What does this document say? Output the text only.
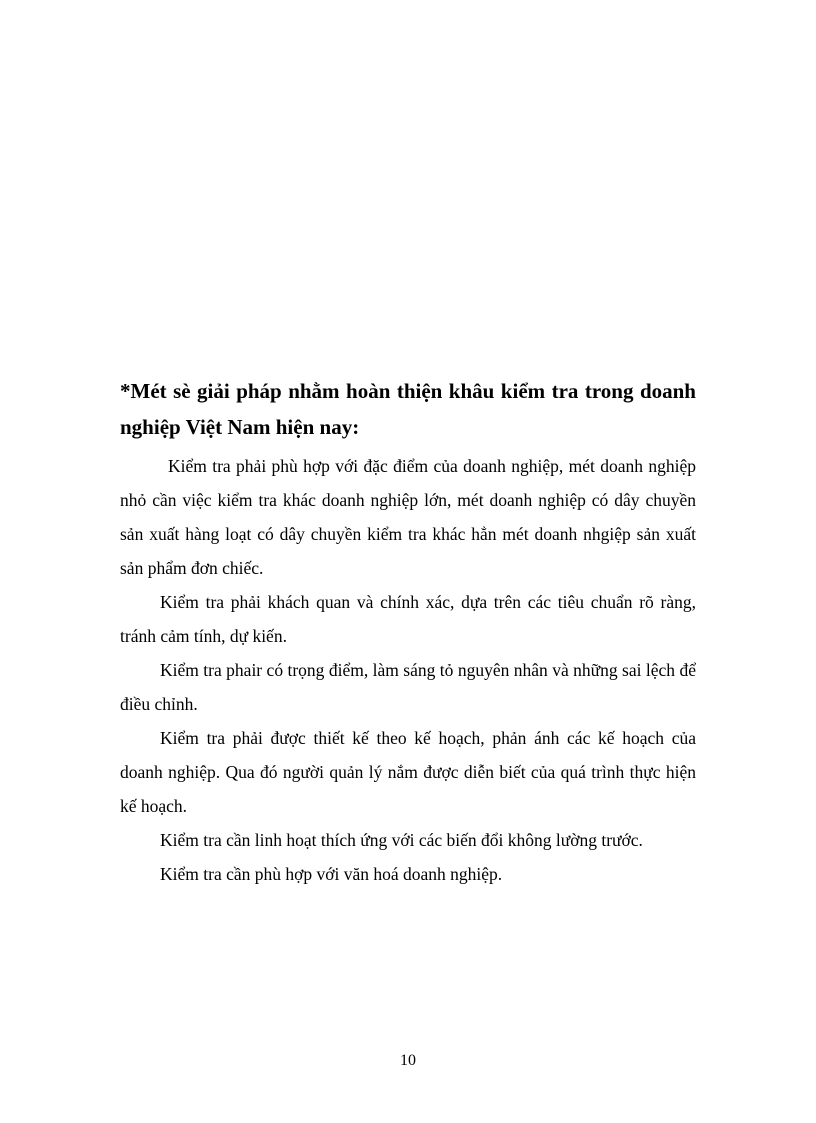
*Mét sè giải pháp nhằm hoàn thiện khâu kiểm tra trong doanh nghiệp Việt Nam hiện nay:

Kiểm tra phải phù hợp với đặc điểm của doanh nghiệp, mét doanh nghiệp nhỏ cần việc kiểm tra khác doanh nghiệp lớn, mét doanh nghiệp có dây chuyền sản xuất hàng loạt có dây chuyền kiểm tra khác hẳn mét doanh nhgiệp sản xuất sản phẩm đơn chiếc.

Kiểm tra phải khách quan và chính xác, dựa trên các tiêu chuẩn rõ ràng, tránh cảm tính, dự kiến.

Kiểm tra phair có trọng điểm, làm sáng tỏ nguyên nhân và những sai lệch để điều chỉnh.

Kiểm tra phải được thiết kế theo kế hoạch, phản ánh các kế hoạch của doanh nghiệp. Qua đó người quản lý nắm được diễn biết của quá trình thực hiện kế hoạch.

Kiểm tra cần linh hoạt thích ứng với các biến đổi không lường trước.

Kiểm tra cần phù hợp với văn hoá doanh nghiệp.

10
